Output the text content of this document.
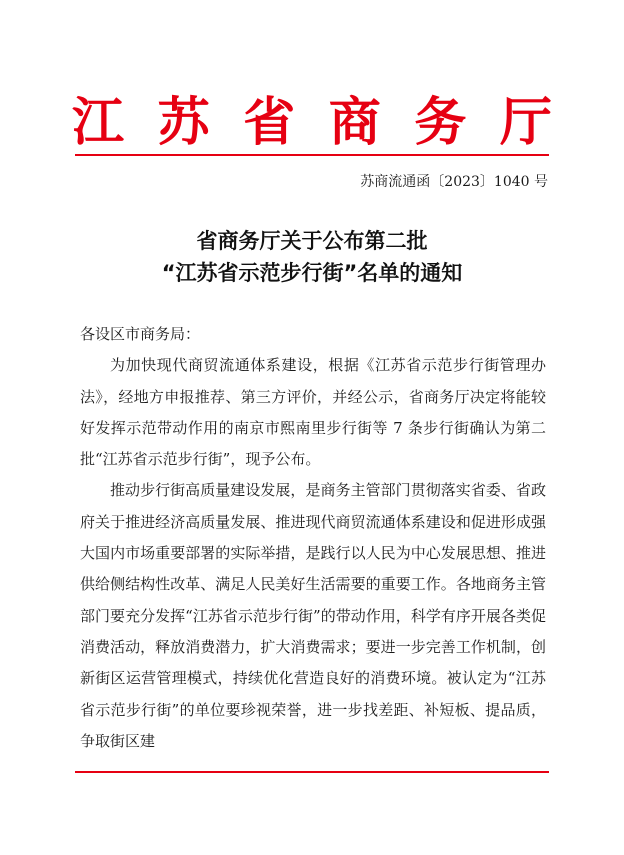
江 苏 省 商 务 厅
苏商流通函〔2023〕1040 号
省商务厅关于公布第二批
“江苏省示范步行街”名单的通知

各设区市商务局：

为加快现代商贸流通体系建设，根据《江苏省示范步行街管理办法》，经地方申报推荐、第三方评价，并经公示，省商务厅决定将能较好发挥示范带动作用的南京市熙南里步行街等 7 条步行街确认为第二批“江苏省示范步行街”，现予公布。

推动步行街高质量建设发展，是商务主管部门贯彻落实省委、省政府关于推进经济高质量发展、推进现代商贸流通体系建设和促进形成强大国内市场重要部署的实际举措，是践行以人民为中心发展思想、推进供给侧结构性改革、满足人民美好生活需要的重要工作。各地商务主管部门要充分发挥“江苏省示范步行街”的带动作用，科学有序开展各类促消费活动，释放消费潜力，扩大消费需求；要进一步完善工作机制，创新街区运营管理模式，持续优化营造良好的消费环境。被认定为“江苏省示范步行街”的单位要珍视荣誉，进一步找差距、补短板、提品质，争取街区建
